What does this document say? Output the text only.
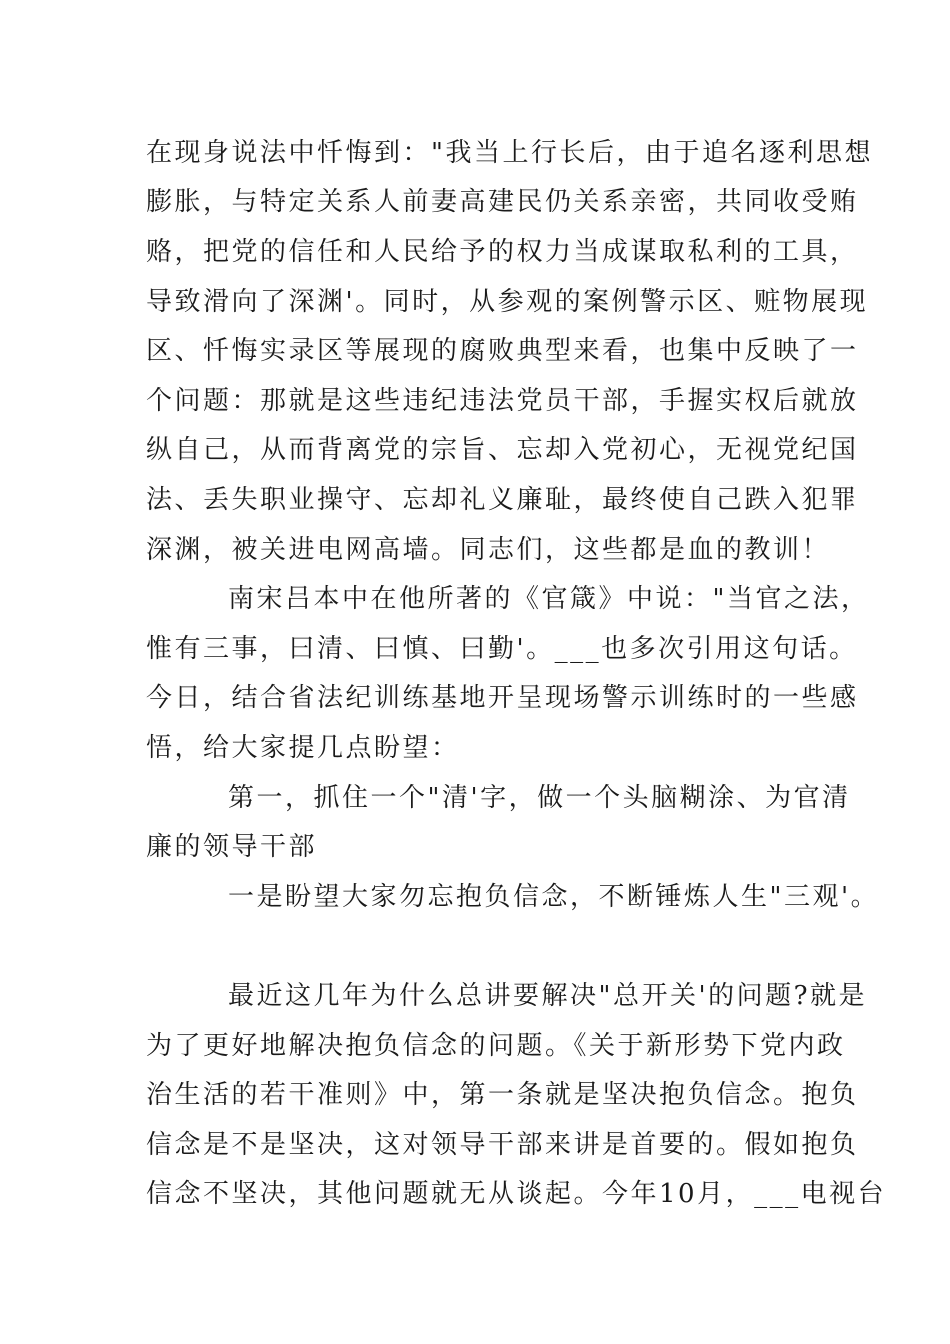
在现身说法中忏悔到："我当上行长后，由于追名逐利思想
膨胀，与特定关系人前妻高建民仍关系亲密，共同收受贿
赂，把党的信任和人民给予的权力当成谋取私利的工具，
导致滑向了深渊'。同时，从参观的案例警示区、赃物展现
区、忏悔实录区等展现的腐败典型来看，也集中反映了一
个问题：那就是这些违纪违法党员干部，手握实权后就放
纵自己，从而背离党的宗旨、忘却入党初心，无视党纪国
法、丢失职业操守、忘却礼义廉耻，最终使自己跌入犯罪
深渊，被关进电网高墙。同志们，这些都是血的教训！
南宋吕本中在他所著的《官箴》中说："当官之法，
惟有三事，曰清、曰慎、曰勤'。___也多次引用这句话。
今日，结合省法纪训练基地开呈现场警示训练时的一些感
悟，给大家提几点盼望：
第一，抓住一个"清'字，做一个头脑糊涂、为官清
廉的领导干部
一是盼望大家勿忘抱负信念，不断锤炼人生"三观'。
最近这几年为什么总讲要解决"总开关'的问题?就是
为了更好地解决抱负信念的问题。《关于新形势下党内政
治生活的若干准则》中，第一条就是坚决抱负信念。抱负
信念是不是坚决，这对领导干部来讲是首要的。假如抱负
信念不坚决，其他问题就无从谈起。今年10月，___电视台
